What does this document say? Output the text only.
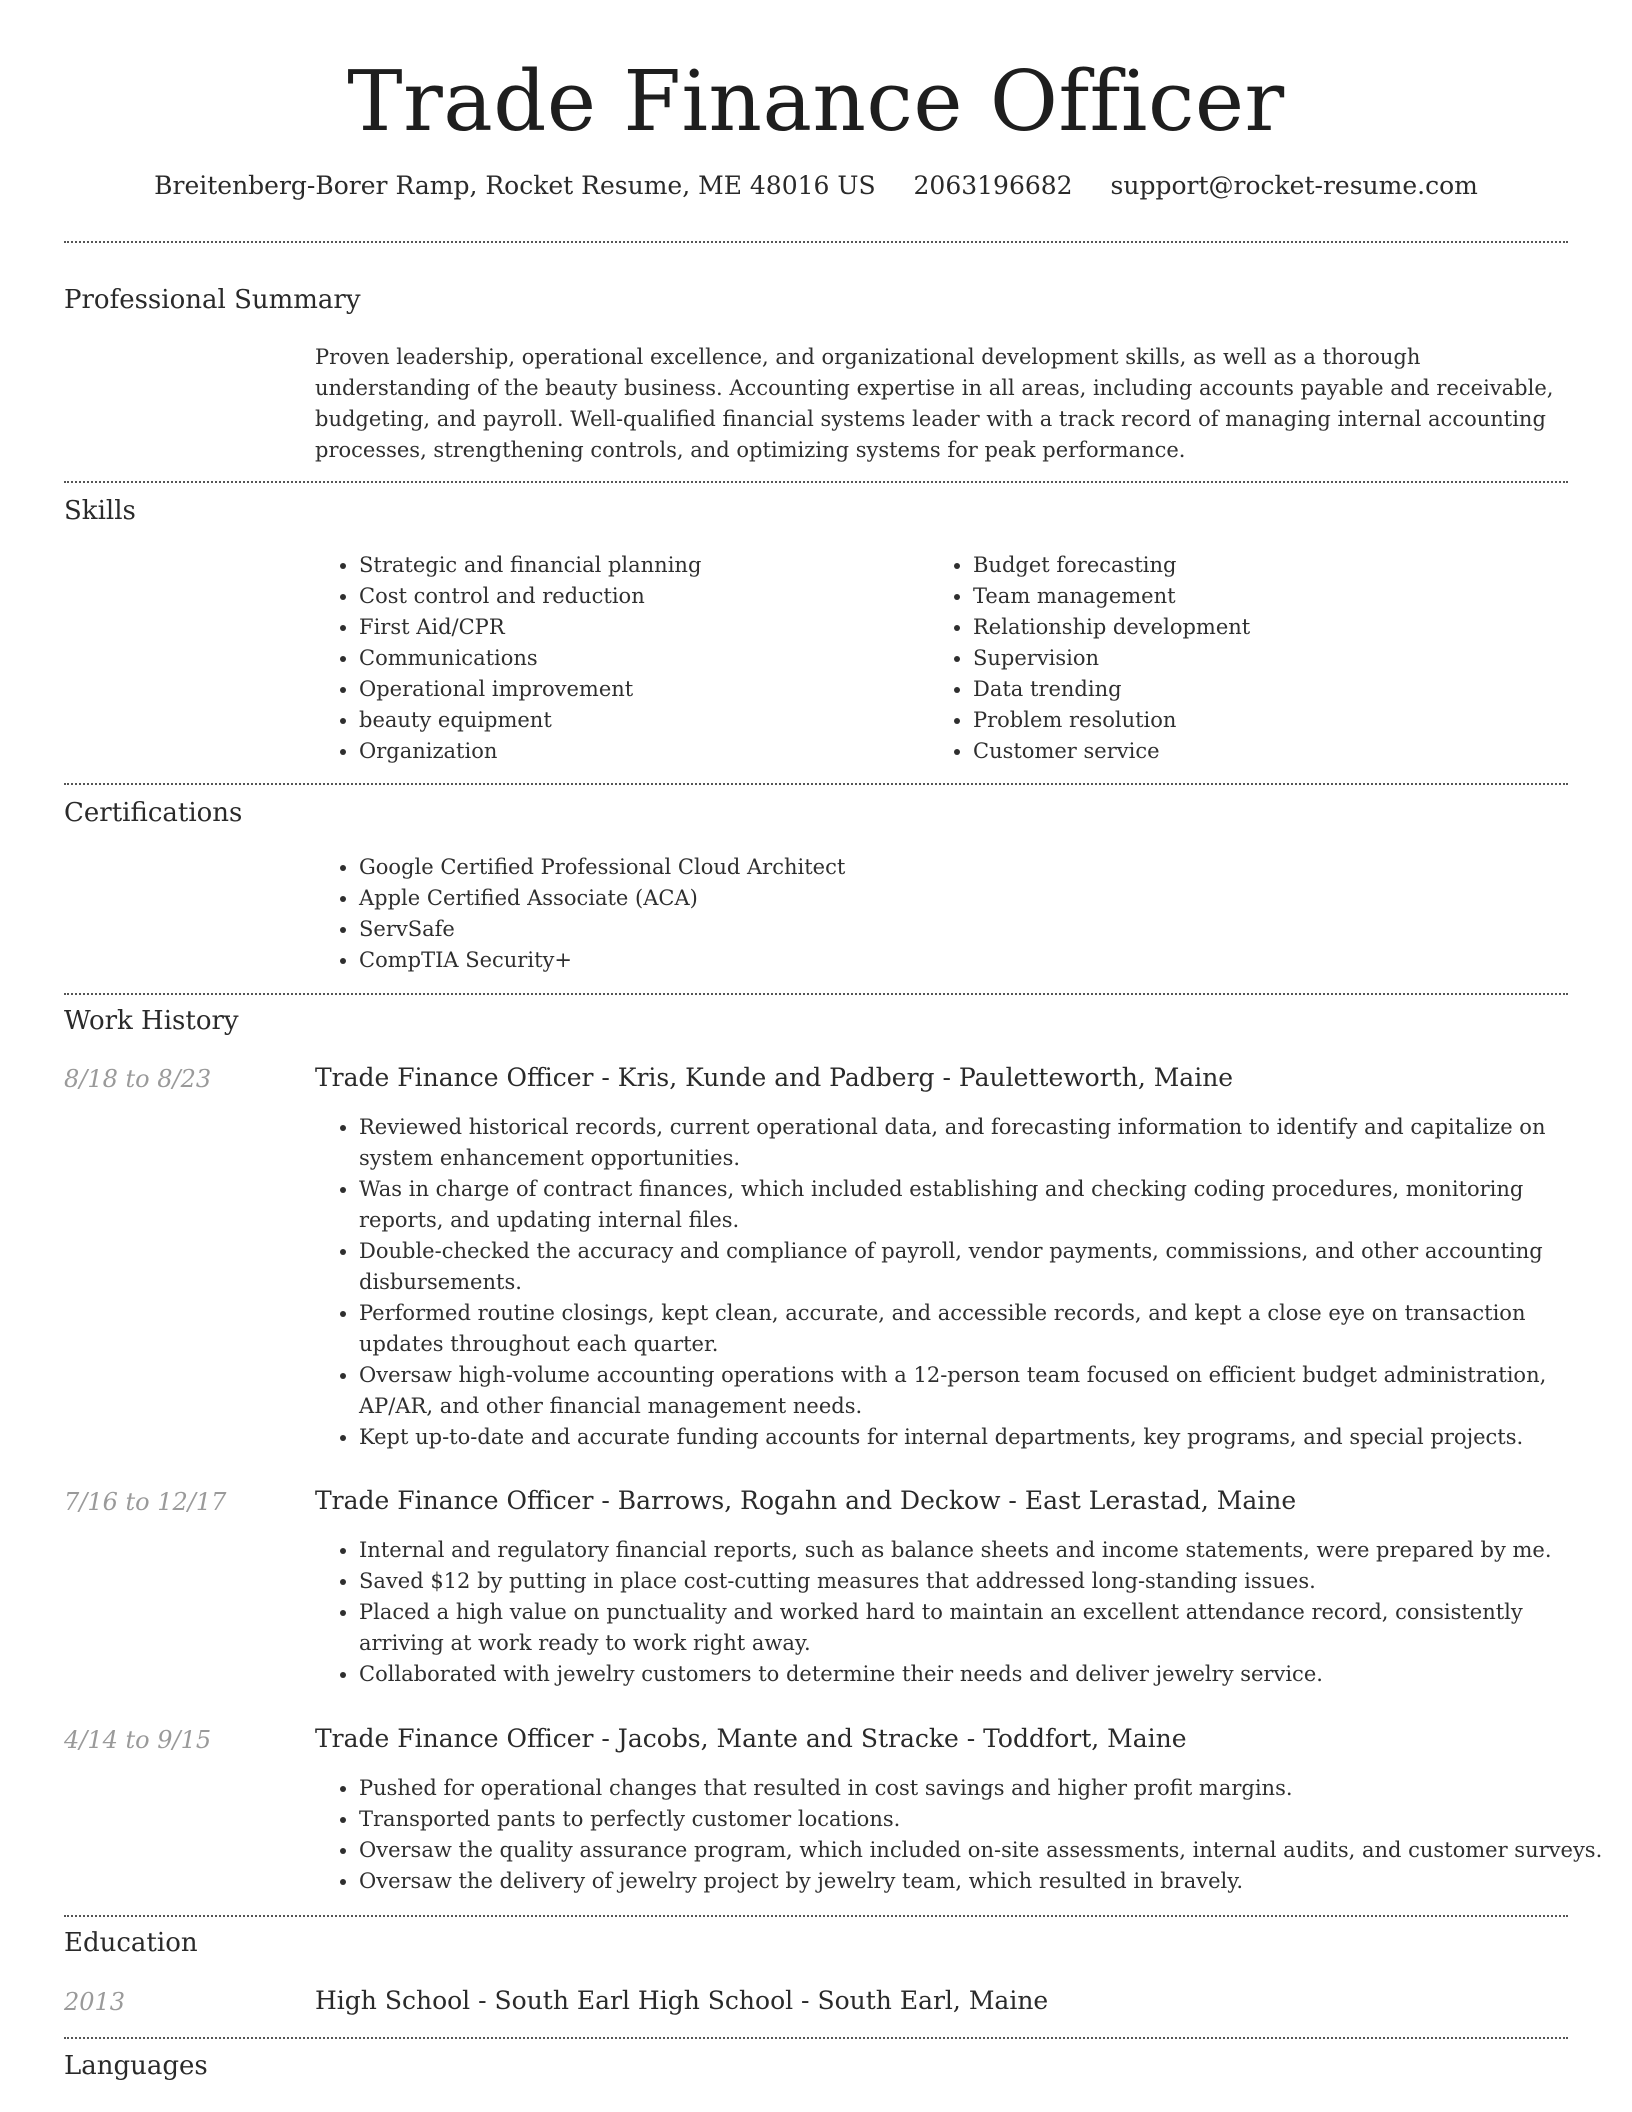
Trade Finance Officer
Breitenberg-Borer Ramp, Rocket Resume, ME 48016 US 2063196682 support@rocket-resume.com
Professional Summary
Proven leadership, operational excellence, and organizational development skills, as well as a thorough understanding of the beauty business. Accounting expertise in all areas, including accounts payable and receivable, budgeting, and payroll. Well-qualified financial systems leader with a track record of managing internal accounting processes, strengthening controls, and optimizing systems for peak performance.
Skills
• Strategic and financial planning
• Cost control and reduction
• First Aid/CPR
• Communications
• Operational improvement
• beauty equipment
• Organization
• Budget forecasting
• Team management
• Relationship development
• Supervision
• Data trending
• Problem resolution
• Customer service
Certifications
• Google Certified Professional Cloud Architect
• Apple Certified Associate (ACA)
• ServSafe
• CompTIA Security+
Work History
8/18 to 8/23	Trade Finance Officer - Kris, Kunde and Padberg - Pauletteworth, Maine
• Reviewed historical records, current operational data, and forecasting information to identify and capitalize on system enhancement opportunities.
• Was in charge of contract finances, which included establishing and checking coding procedures, monitoring reports, and updating internal files.
• Double-checked the accuracy and compliance of payroll, vendor payments, commissions, and other accounting disbursements.
• Performed routine closings, kept clean, accurate, and accessible records, and kept a close eye on transaction updates throughout each quarter.
• Oversaw high-volume accounting operations with a 12-person team focused on efficient budget administration, AP/AR, and other financial management needs.
• Kept up-to-date and accurate funding accounts for internal departments, key programs, and special projects.
7/16 to 12/17	Trade Finance Officer - Barrows, Rogahn and Deckow - East Lerastad, Maine
• Internal and regulatory financial reports, such as balance sheets and income statements, were prepared by me.
• Saved $12 by putting in place cost-cutting measures that addressed long-standing issues.
• Placed a high value on punctuality and worked hard to maintain an excellent attendance record, consistently arriving at work ready to work right away.
• Collaborated with jewelry customers to determine their needs and deliver jewelry service.
4/14 to 9/15	Trade Finance Officer - Jacobs, Mante and Stracke - Toddfort, Maine
• Pushed for operational changes that resulted in cost savings and higher profit margins.
• Transported pants to perfectly customer locations.
• Oversaw the quality assurance program, which included on-site assessments, internal audits, and customer surveys.
• Oversaw the delivery of jewelry project by jewelry team, which resulted in bravely.
Education
2013	High School - South Earl High School - South Earl, Maine
Languages
